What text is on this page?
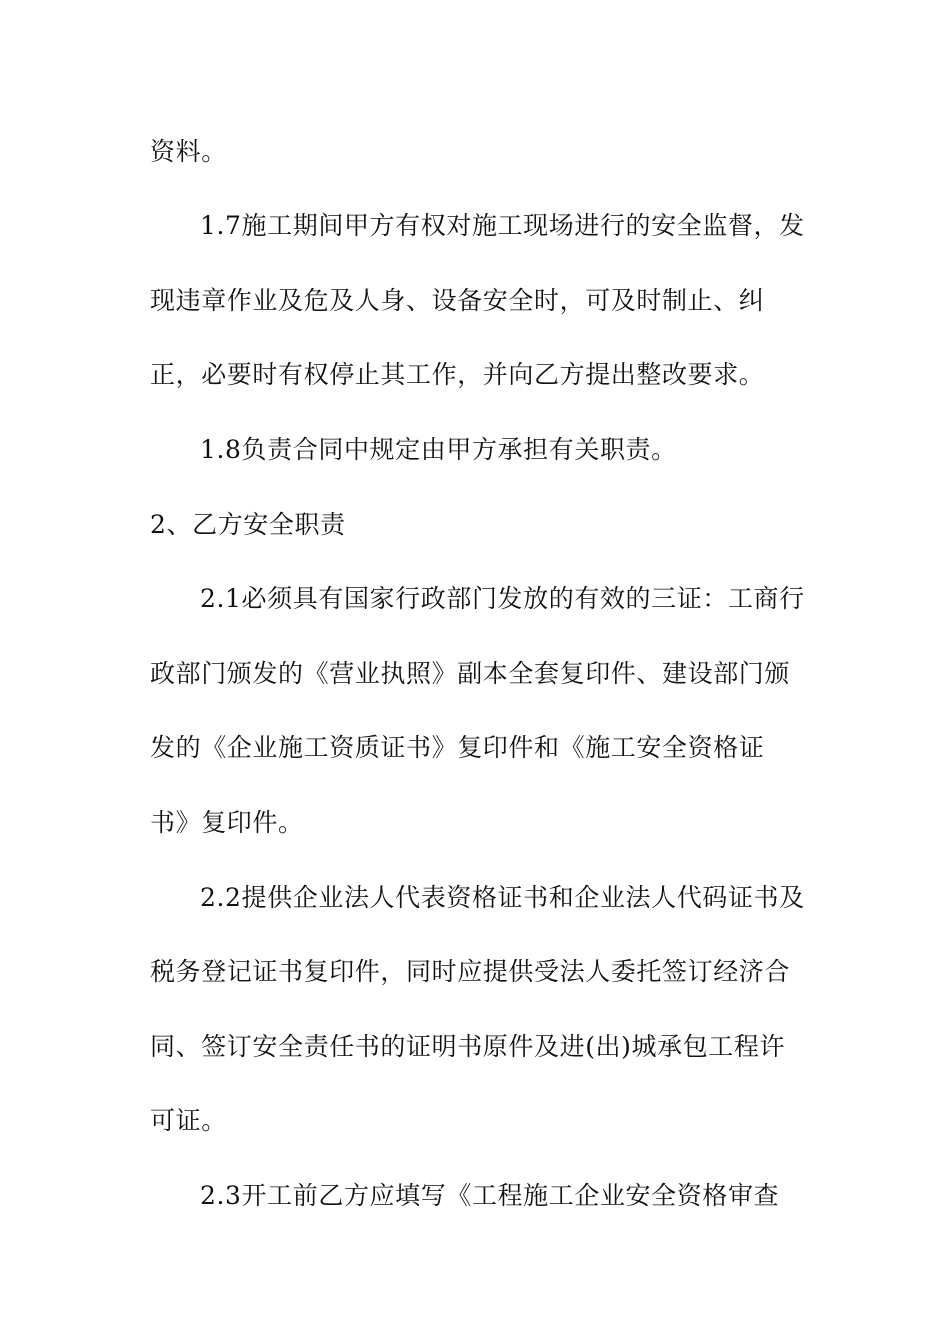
资料。
1.7施工期间甲方有权对施工现场进行的安全监督，发
现违章作业及危及人身、设备安全时，可及时制止、纠
正，必要时有权停止其工作，并向乙方提出整改要求。
1.8负责合同中规定由甲方承担有关职责。
2、乙方安全职责
2.1必须具有国家行政部门发放的有效的三证：工商行
政部门颁发的《营业执照》副本全套复印件、建设部门颁
发的《企业施工资质证书》复印件和《施工安全资格证
书》复印件。
2.2提供企业法人代表资格证书和企业法人代码证书及
税务登记证书复印件，同时应提供受法人委托签订经济合
同、签订安全责任书的证明书原件及进(出)城承包工程许
可证。
2.3开工前乙方应填写《工程施工企业安全资格审查
